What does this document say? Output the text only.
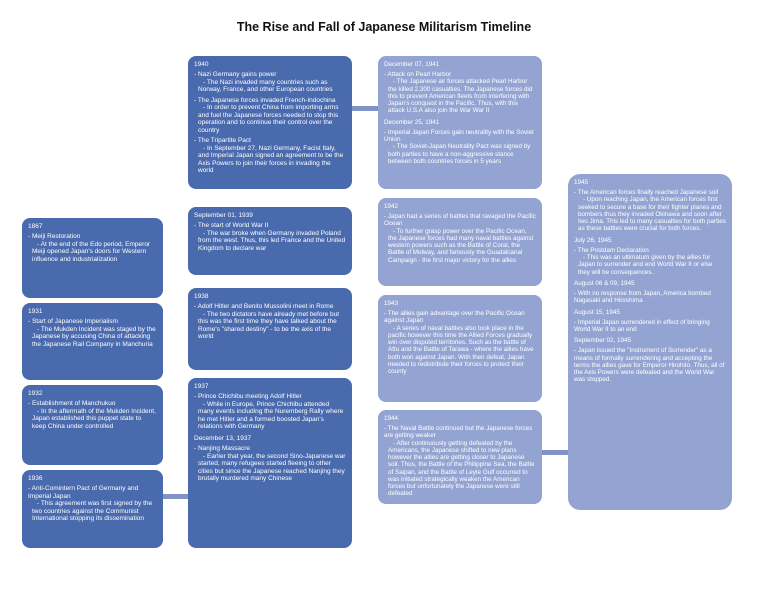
The Rise and Fall of Japanese Militarism Timeline
1867
- Meiji Restoration
- At the end of the Edo period, Emperor Meiji opened Japan's doors for Western influence and industrialization
1931
- Start of Japanese Imperialism
- The Mukden Incident was staged by the Japanese by accusing China of attacking the Japanese Rail Company in Manchuria
1932
- Establishment of Manchukuo
- In the aftermath of the Mukden Incident, Japan established this puppet state to keep China under controlled
1936
- Anti-Comintern Pact of Germany and Imperial Japan
- This agreement was first signed by the two countries against the Communist International stopping its dissemination
1940
- Nazi Germany gains power
- The Nazi invaded many countries such as Norway, France, and other European countries
- The Japanese forces invaded French-Indochina
- In order to prevent China from importing arms and fuel the Japanese forces needed to stop this operation and to continue their control over the country
- The Tripartite Pact
- In September 27, Nazi Germany, Facist Italy, and Imperial Japan signed an agreement to be the Axis Powers to join their forces in invading the world
September 01, 1939
- The start of World War II
- The war broke when Germany invaded Poland from the west. Thus, this led France and the United Kingdom to declare war
1938
- Adolf Hitler and Benito Mussolini meet in Rome
- The two dictators have already met before but this was the first time they have talked about the Rome's "shared destiny" - to be the axis of the world
1937
- Prince Chichibu meeting Adolf Hitler
- While in Europe, Prince Chichibu attended many events including the Nuremberg Rally where he met Hitler and a formed boosted Japan's relations with Germany
December 13, 1937
- Nanjing Massacre
- Earlier that year, the second Sino-Japanese war started, many refugees started fleeing to other cities but since the Japanese reached Nanjing they brutally murdered many Chinese
December 07, 1941
- Attack on Pearl Harbor
- The Japanese air forces attacked Pearl Harbor the killed 2,300 casualties. The Japanese forces did this to prevent American fleets from interfering with Japan's conquest in the Pacific. Thus, with this attack U.S.A also join the War War II
December 25, 1941
- Imperial Japan Forces gain neutrality with the Soviet Union
- The Soviet-Japan Neutrality Pact was signed by both parties to have a non-aggressive stance between both countries forces in 5 years
1942
- Japan had a series of battles that ravaged the Pacific Ocean
- To further grasp power over the Pacific Ocean, the Japanese forces had many naval battles against western powers such as the Battle of Coral, the Battle of Midway, and famously the Guadalcanal Campaign - the first major victory for the allies
1943
- The allies gain advantage over the Pacific Ocean against Japan
- A series of naval battles also took place in the pacific however this time the Allied Forces gradually win over disputed territories. Such as the battle of Attu and the Battle of Tarawa - where the allies have both won against Japan. With their defeat, Japan needed to redistribute their forces to protect their county
1944
- The Naval Battle continued but the Japanese forces are getting weaker
- After continuously getting defeated by the Americans, the Japanese shifted to new plans however the allies are getting closer to Japanese soil. Thus, the Battle of the Philippine Sea, the Battle of Saipan, and the Battle of Leyte Gulf occurred to was initiated strategically weaken the American forces but unfortunately the Japanese were still defeated
1945
- The American forces finally reached Japanese soil
- Upon reaching Japan, the American forces first seeked to secure a base for their fighter planes and bombers thus they invaded Okinawa and soon after Iwo Jima. This led to many casualties for both parties as these battles were crucial for both forces.
July 26, 1945
- The Postdam Declaration
- This was an ultimatum given by the allies for Japan to surrender and end World War II or else they will be consequences.
August 06 & 09, 1945
- With no response from Japan, America bombed Nagasaki and Hiroshima
August 15, 1945
- Imperial Japan surrendered in effect of bringing World War II to an end
September 02, 1945
- Japan issued the "Instrument of Surrender" as a means of formally surrendering and accepting the terms the allies gave for Emperor Hirohito. Thus, all of the Axis Powers were defeated and the World War was stopped.
